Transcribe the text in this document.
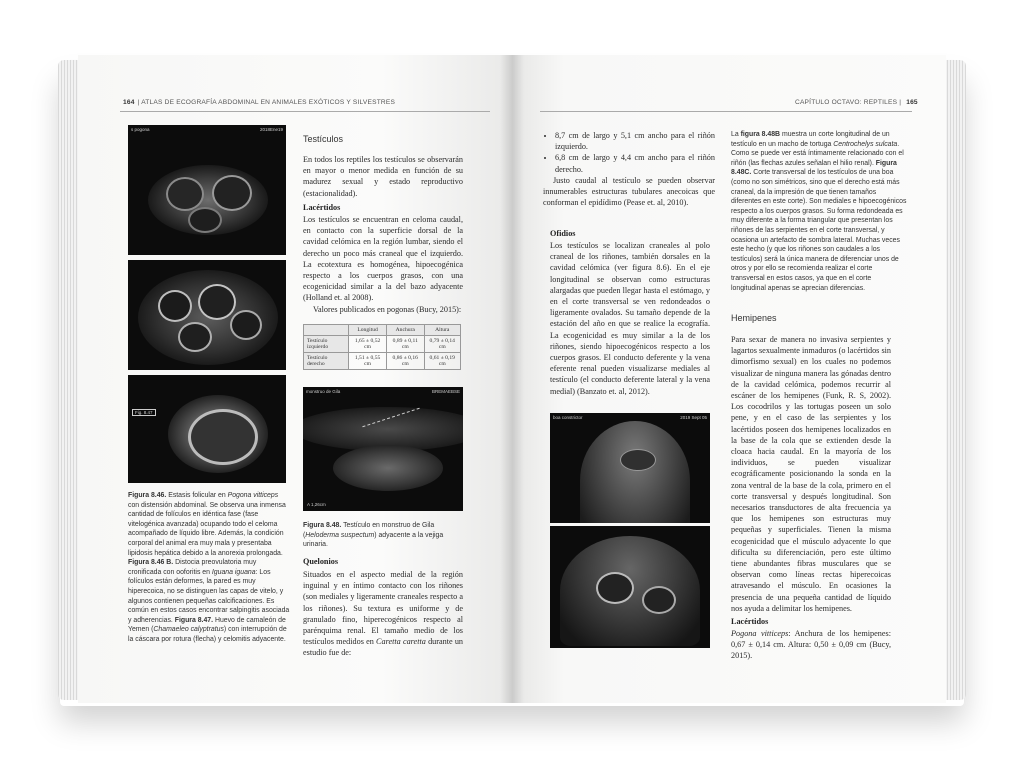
164 | ATLAS DE ECOGRAFÍA ABDOMINAL EN ANIMALES EXÓTICOS Y SILVESTRES
s pogona	2018Ene19
Fig. 8.47
Figura 8.46. Estasis folicular en Pogona vitticeps con distensión abdominal. Se observa una inmensa cantidad de folículos en idéntica fase (fase vitelogénica avanzada) ocupando todo el celoma acompañado de líquido libre. Además, la condición corporal del animal era muy mala y presentaba lipidosis hepática debido a la anorexia prolongada. Figura 8.46 B. Distocia preovulatoria muy cronificada con ooforitis en Iguana iguana: Los folículos están deformes, la pared es muy hiperecoica, no se distinguen las capas de vitelo, y algunos contienen pequeñas calcificaciones. Es común en estos casos encontrar salpingitis asociada y adherencias. Figura 8.47. Huevo de camaleón de Yemen (Chamaeleo calyptratus) con interrupción de la cáscara por rotura (flecha) y celomitis adyacente.
Testículos

En todos los reptiles los testículos se observarán en mayor o menor medida en función de su madurez sexual y estado reproductivo (estacionalidad).

Lacértidos

Los testículos se encuentran en celoma caudal, en contacto con la superficie dorsal de la cavidad celómica en la región lumbar, siendo el derecho un poco más craneal que el izquierdo. La ecotextura es homogénea, hipoecogénica respecto a los cuerpos grasos, con una ecogenicidad similar a la del bazo adyacente (Holland et. al 2008).

Valores publicados en pogonas (Bucy, 2015):

	Longitud	Anchura	Altura
Testículo izquierdo	1,65 ± 0,52 cm	0,89 ± 0,11 cm	0,79 ± 0,14 cm
Testículo derecho	1,51 ± 0,55 cm	0,86 ± 0,16 cm	0,61 ± 0,19 cm
monstruo de Gila	BREMAEBSE
A 1,26cm
Figura 8.48. Testículo en monstruo de Gila (Heloderma suspectum) adyacente a la vejiga urinaria.
Quelonios
Situados en el aspecto medial de la región inguinal y en íntimo contacto con los riñones (son mediales y ligeramente craneales respecto a los riñones). Su textura es uniforme y de granulado fino, hiperecogénicos respecto al parénquima renal. El tamaño medio de los testículos medidos en Caretta caretta durante un estudio fue de:
CAPÍTULO OCTAVO: REPTILES | 165
• 8,7 cm de largo y 5,1 cm ancho para el riñón izquierdo.
• 6,8 cm de largo y 4,4 cm ancho para el riñón derecho.

Justo caudal al testículo se pueden observar innumerables estructuras tubulares anecoicas que conforman el epidídimo (Pease et. al, 2010).

Ofidios

Los testículos se localizan craneales al polo craneal de los riñones, también dorsales en la cavidad celómica (ver figura 8.6). En el eje longitudinal se observan como estructuras alargadas que pueden llegar hasta el estómago, y en el corte transversal se ven redondeados o ligeramente ovalados. Su tamaño depende de la estación del año en que se realice la ecografía. La ecogenicidad es muy similar a la de los riñones, siendo hipoecogénicos respecto a los cuerpos grasos. El conducto deferente y la vena eferente renal pueden visualizarse mediales al testículo (el conducto deferente lateral y la vena medial) (Banzato et. al, 2012).

boa constrictor	2019 Sept 05
La figura 8.48B muestra un corte longitudinal de un testículo en un macho de tortuga Centrochelys sulcata. Como se puede ver está íntimamente relacionado con el riñón (las flechas azules señalan el hilio renal). Figura 8.48C. Corte transversal de los testículos de una boa (como no son simétricos, sino que el derecho está más craneal, da la impresión de que tienen tamaños diferentes en este corte). Son mediales e hipoecogénicos respecto a los cuerpos grasos. Su forma redondeada es muy diferente a la forma triangular que presentan los riñones de las serpientes en el corte transversal, y ocasiona un artefacto de sombra lateral. Muchas veces este hecho (y que los riñones son caudales a los testículos) será la única manera de diferenciar unos de otros y por ello se recomienda realizar el corte transversal en estos casos, ya que en el corte longitudinal apenas se aprecian diferencias.
Hemipenes

Para sexar de manera no invasiva serpientes y lagartos sexualmente inmaduros (o lacértidos sin dimorfismo sexual) en los cuales no podemos visualizar de ninguna manera las gónadas dentro de la cavidad celómica, podemos recurrir al escáner de los hemipenes (Funk, R. S, 2002). Los cocodrilos y las tortugas poseen un solo pene, y en el caso de las serpientes y los lacértidos poseen dos hemipenes localizados en la base de la cola que se extienden desde la cloaca hacia caudal. En la mayoría de los individuos, se pueden visualizar ecográficamente posicionando la sonda en la zona ventral de la base de la cola, primero en el corte transversal y después longitudinal. Son necesarios transductores de alta frecuencia ya que los hemipenes son estructuras muy pequeñas y superficiales. Tienen la misma ecogenicidad que el músculo adyacente lo que dificulta su diferenciación, pero este último tiene abundantes fibras musculares que se observan como líneas rectas hiperecoicas atravesando el músculo. En ocasiones la presencia de una pequeña cantidad de líquido nos ayuda a delimitar los hemipenes.

Lacértidos
Pogona vitticeps: Anchura de los hemipenes: 0,67 ± 0,14 cm. Altura: 0,50 ± 0,09 cm (Bucy, 2015).
